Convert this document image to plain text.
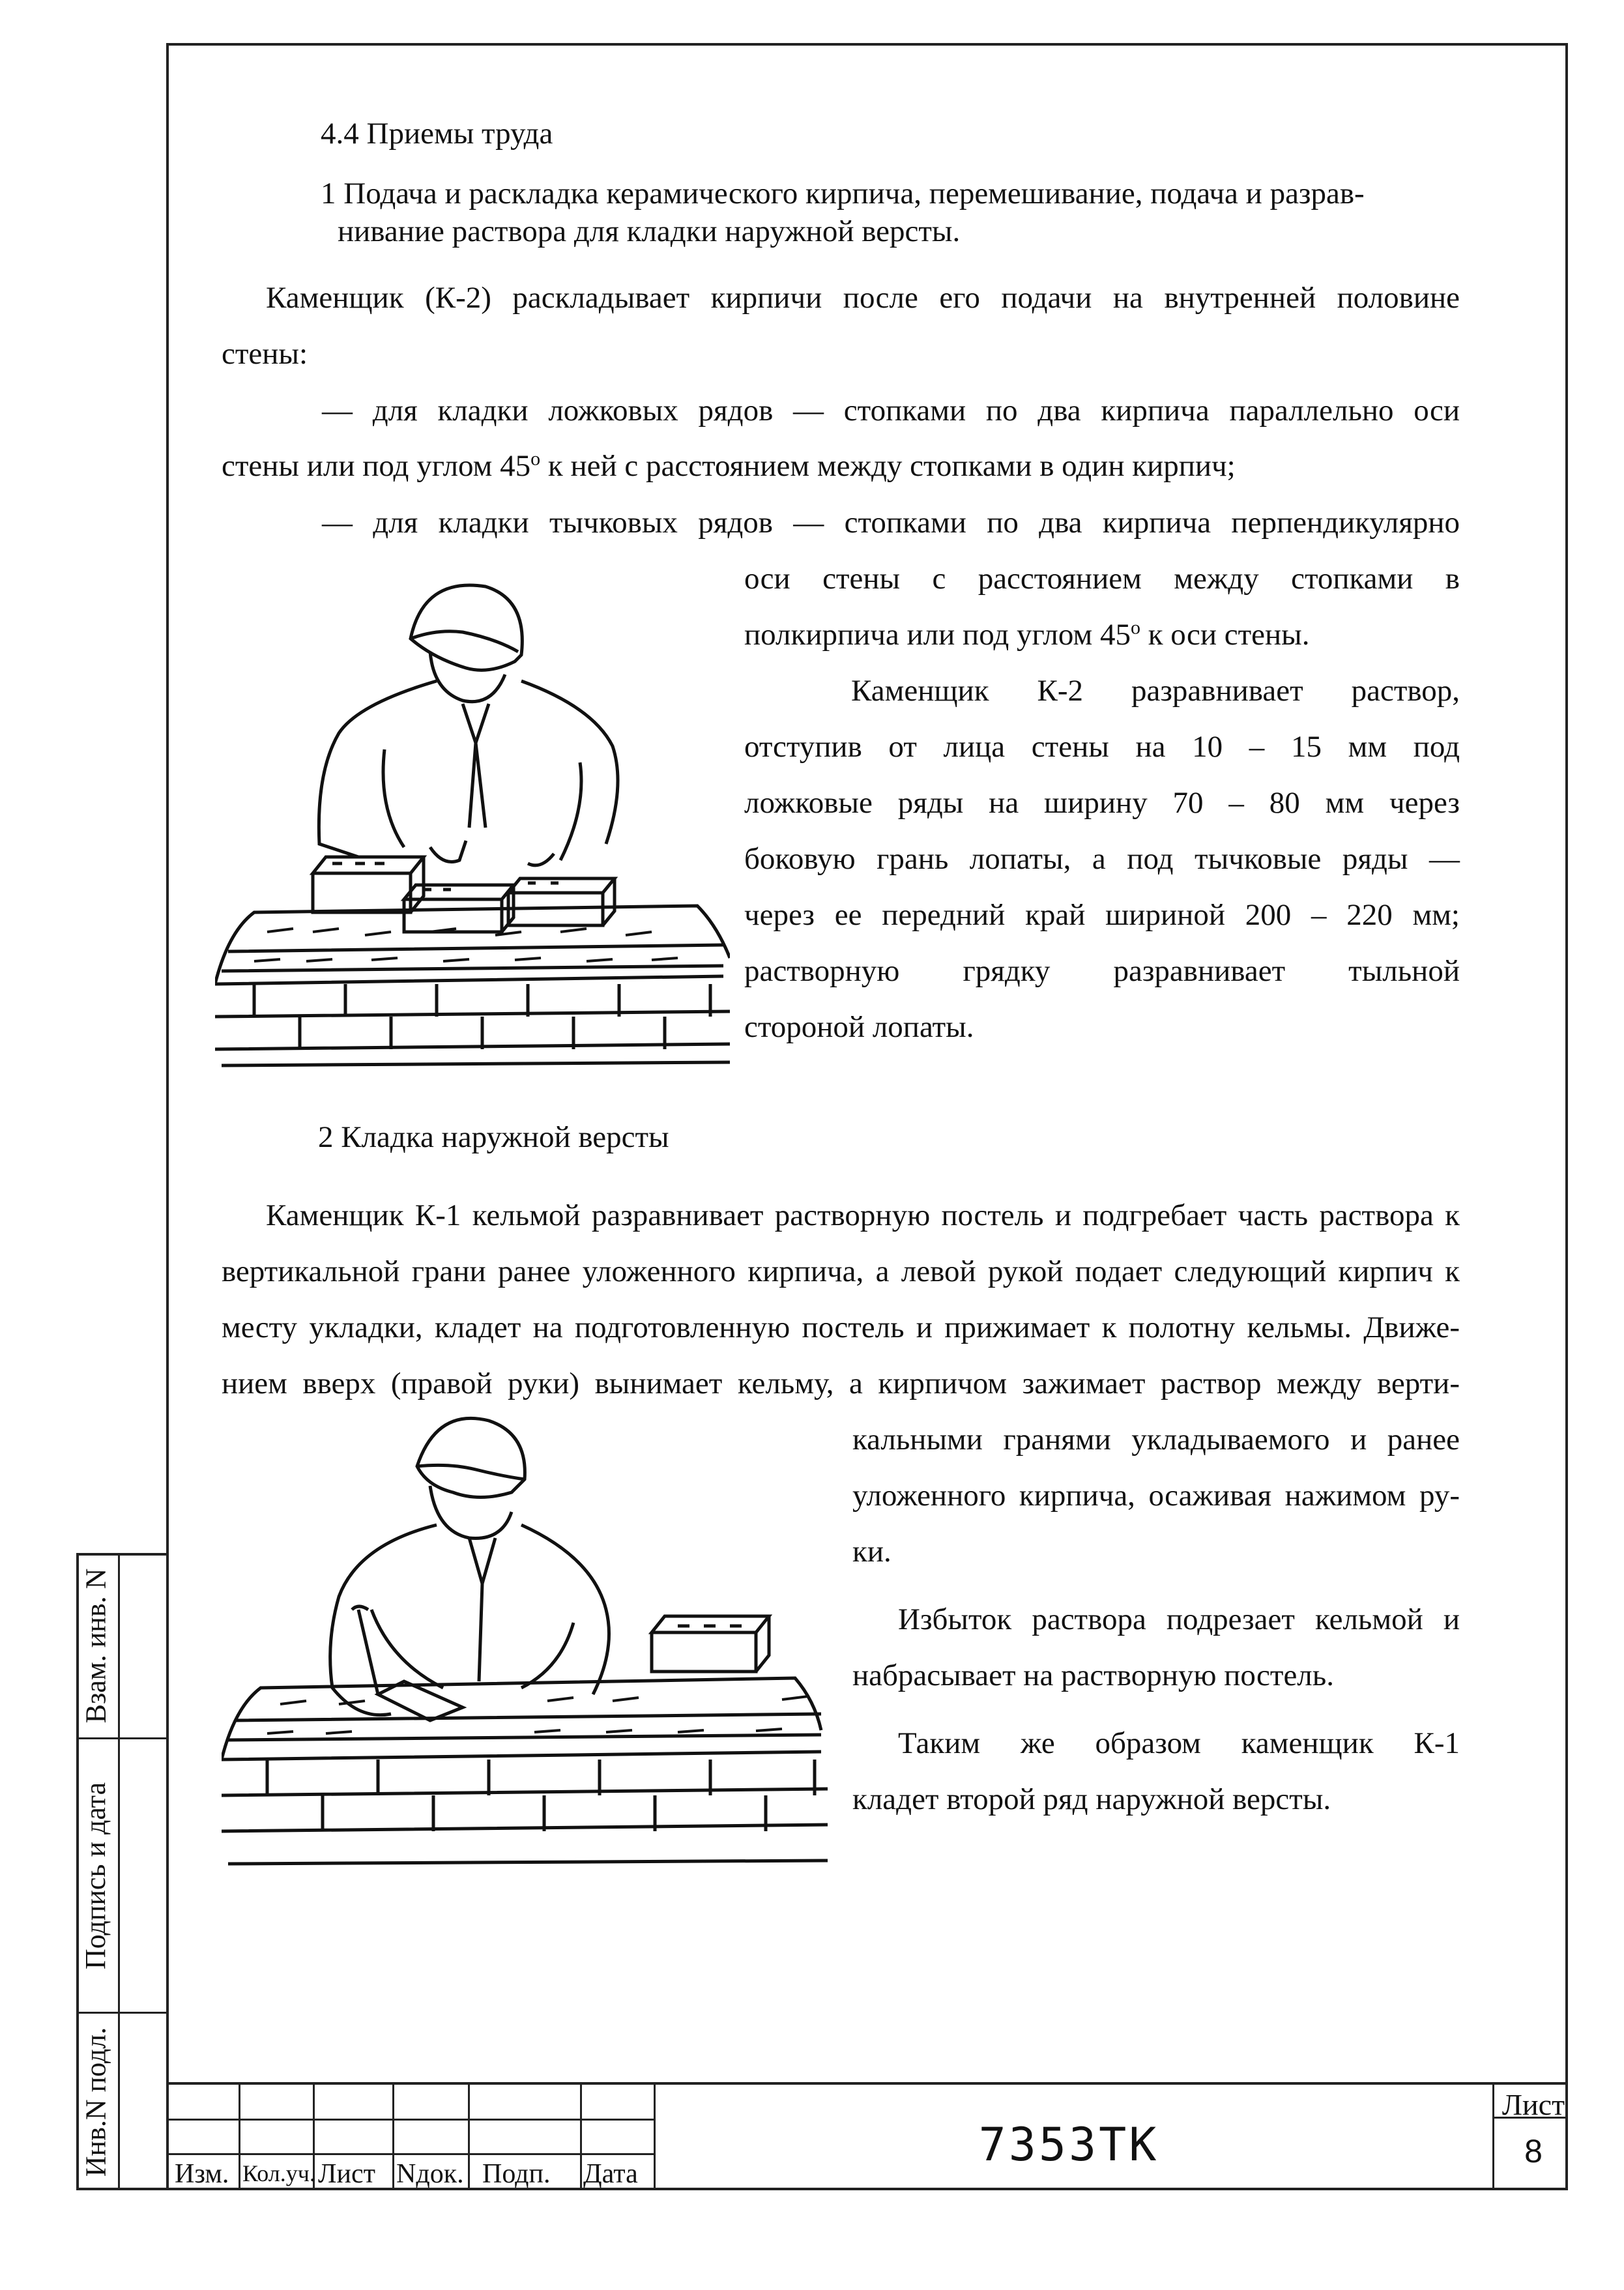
4.4 Приемы труда

1 Подача и раскладка керамического кирпича, перемешивание, подача и разрав-

нивание раствора для кладки наружной версты.

Каменщик (К-2) раскладывает кирпичи после его подачи на внутренней половине

стены:

— для кладки ложковых рядов — стопками по два кирпича параллельно оси

стены или под углом $45^о$ к ней с расстоянием между стопками в один кирпич;

— для кладки тычковых рядов — стопками по два кирпича перпендикулярно

оси стены с расстоянием между стопками в

полкирпича или под углом $45^о$ к оси стены.

Каменщик К-2 разравнивает раствор,

отступив от лица стены на 10 – 15 мм под

ложковые ряды на ширину 70 – 80 мм через

боковую грань лопаты, а под тычковые ряды —

через ее передний край шириной 200 – 220 мм;

растворную грядку разравнивает тыльной

стороной лопаты.

2 Кладка наружной версты

Каменщик К-1 кельмой разравнивает растворную постель и подгребает часть раствора к

вертикальной грани ранее уложенного кирпича, а левой рукой подает следующий кирпич к

месту укладки, кладет на подготовленную постель и прижимает к полотну кельмы. Движе-

нием вверх (правой руки) вынимает кельму, а кирпичом зажимает раствор между верти-

кальными гранями укладываемого и ранее

уложенного кирпича, осаживая нажимом ру-

ки.

Избыток раствора подрезает кельмой и

набрасывает на растворную постель.

Таким же образом каменщик К-1

кладет второй ряд наружной версты.

Взам. инв. N
Подпись и дата
Инв.N подл. Изм. Кол.уч. Лист Nдок. Подп. Дата
7353ТК
Лист
8
